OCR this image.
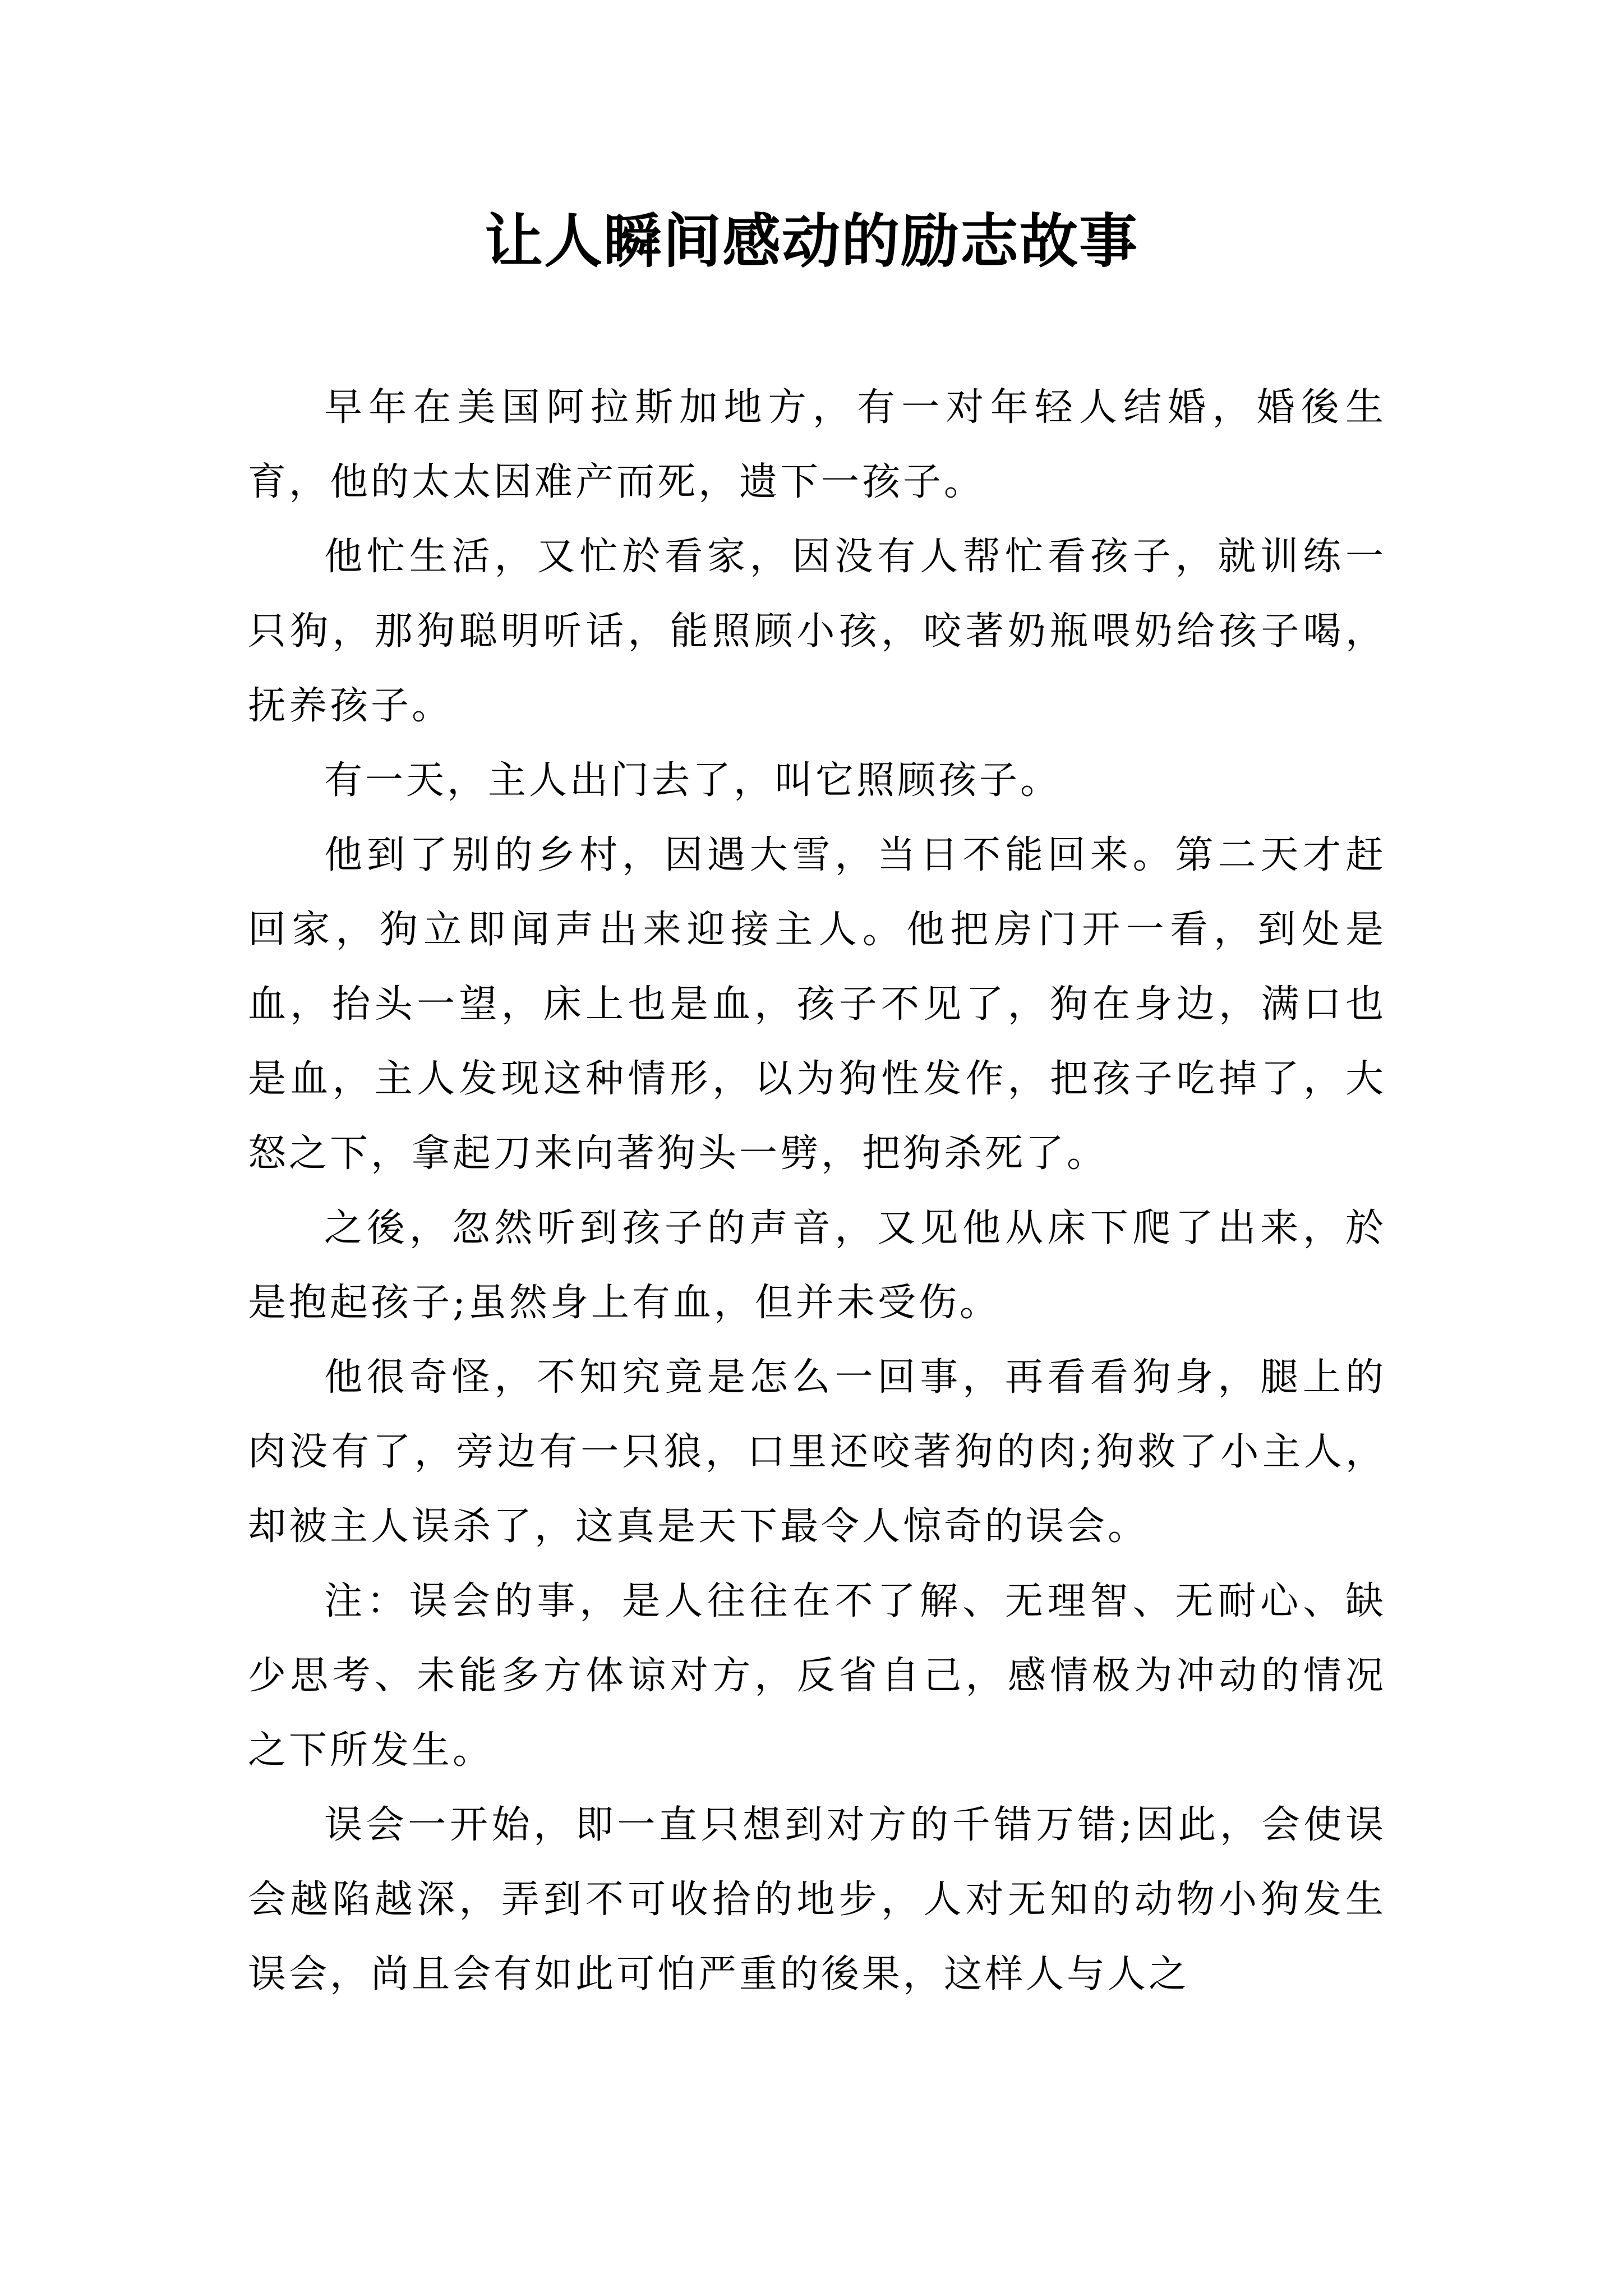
让人瞬间感动的励志故事

早年在美国阿拉斯加地方，有一对年轻人结婚，婚後生育，他的太太因难产而死，遗下一孩子。

他忙生活，又忙於看家，因没有人帮忙看孩子，就训练一只狗，那狗聪明听话，能照顾小孩，咬著奶瓶喂奶给孩子喝，抚养孩子。

有一天，主人出门去了，叫它照顾孩子。

他到了别的乡村，因遇大雪，当日不能回来。第二天才赶回家，狗立即闻声出来迎接主人。他把房门开一看，到处是血，抬头一望，床上也是血，孩子不见了，狗在身边，满口也是血，主人发现这种情形，以为狗性发作，把孩子吃掉了，大怒之下，拿起刀来向著狗头一劈，把狗杀死了。

之後，忽然听到孩子的声音，又见他从床下爬了出来，於是抱起孩子;虽然身上有血，但并未受伤。

他很奇怪，不知究竟是怎么一回事，再看看狗身，腿上的肉没有了，旁边有一只狼，口里还咬著狗的肉;狗救了小主人，却被主人误杀了，这真是天下最令人惊奇的误会。

注：误会的事，是人往往在不了解、无理智、无耐心、缺少思考、未能多方体谅对方，反省自己，感情极为冲动的情况之下所发生。

误会一开始，即一直只想到对方的千错万错;因此，会使误会越陷越深，弄到不可收拾的地步，人对无知的动物小狗发生误会，尚且会有如此可怕严重的後果，这样人与人之
